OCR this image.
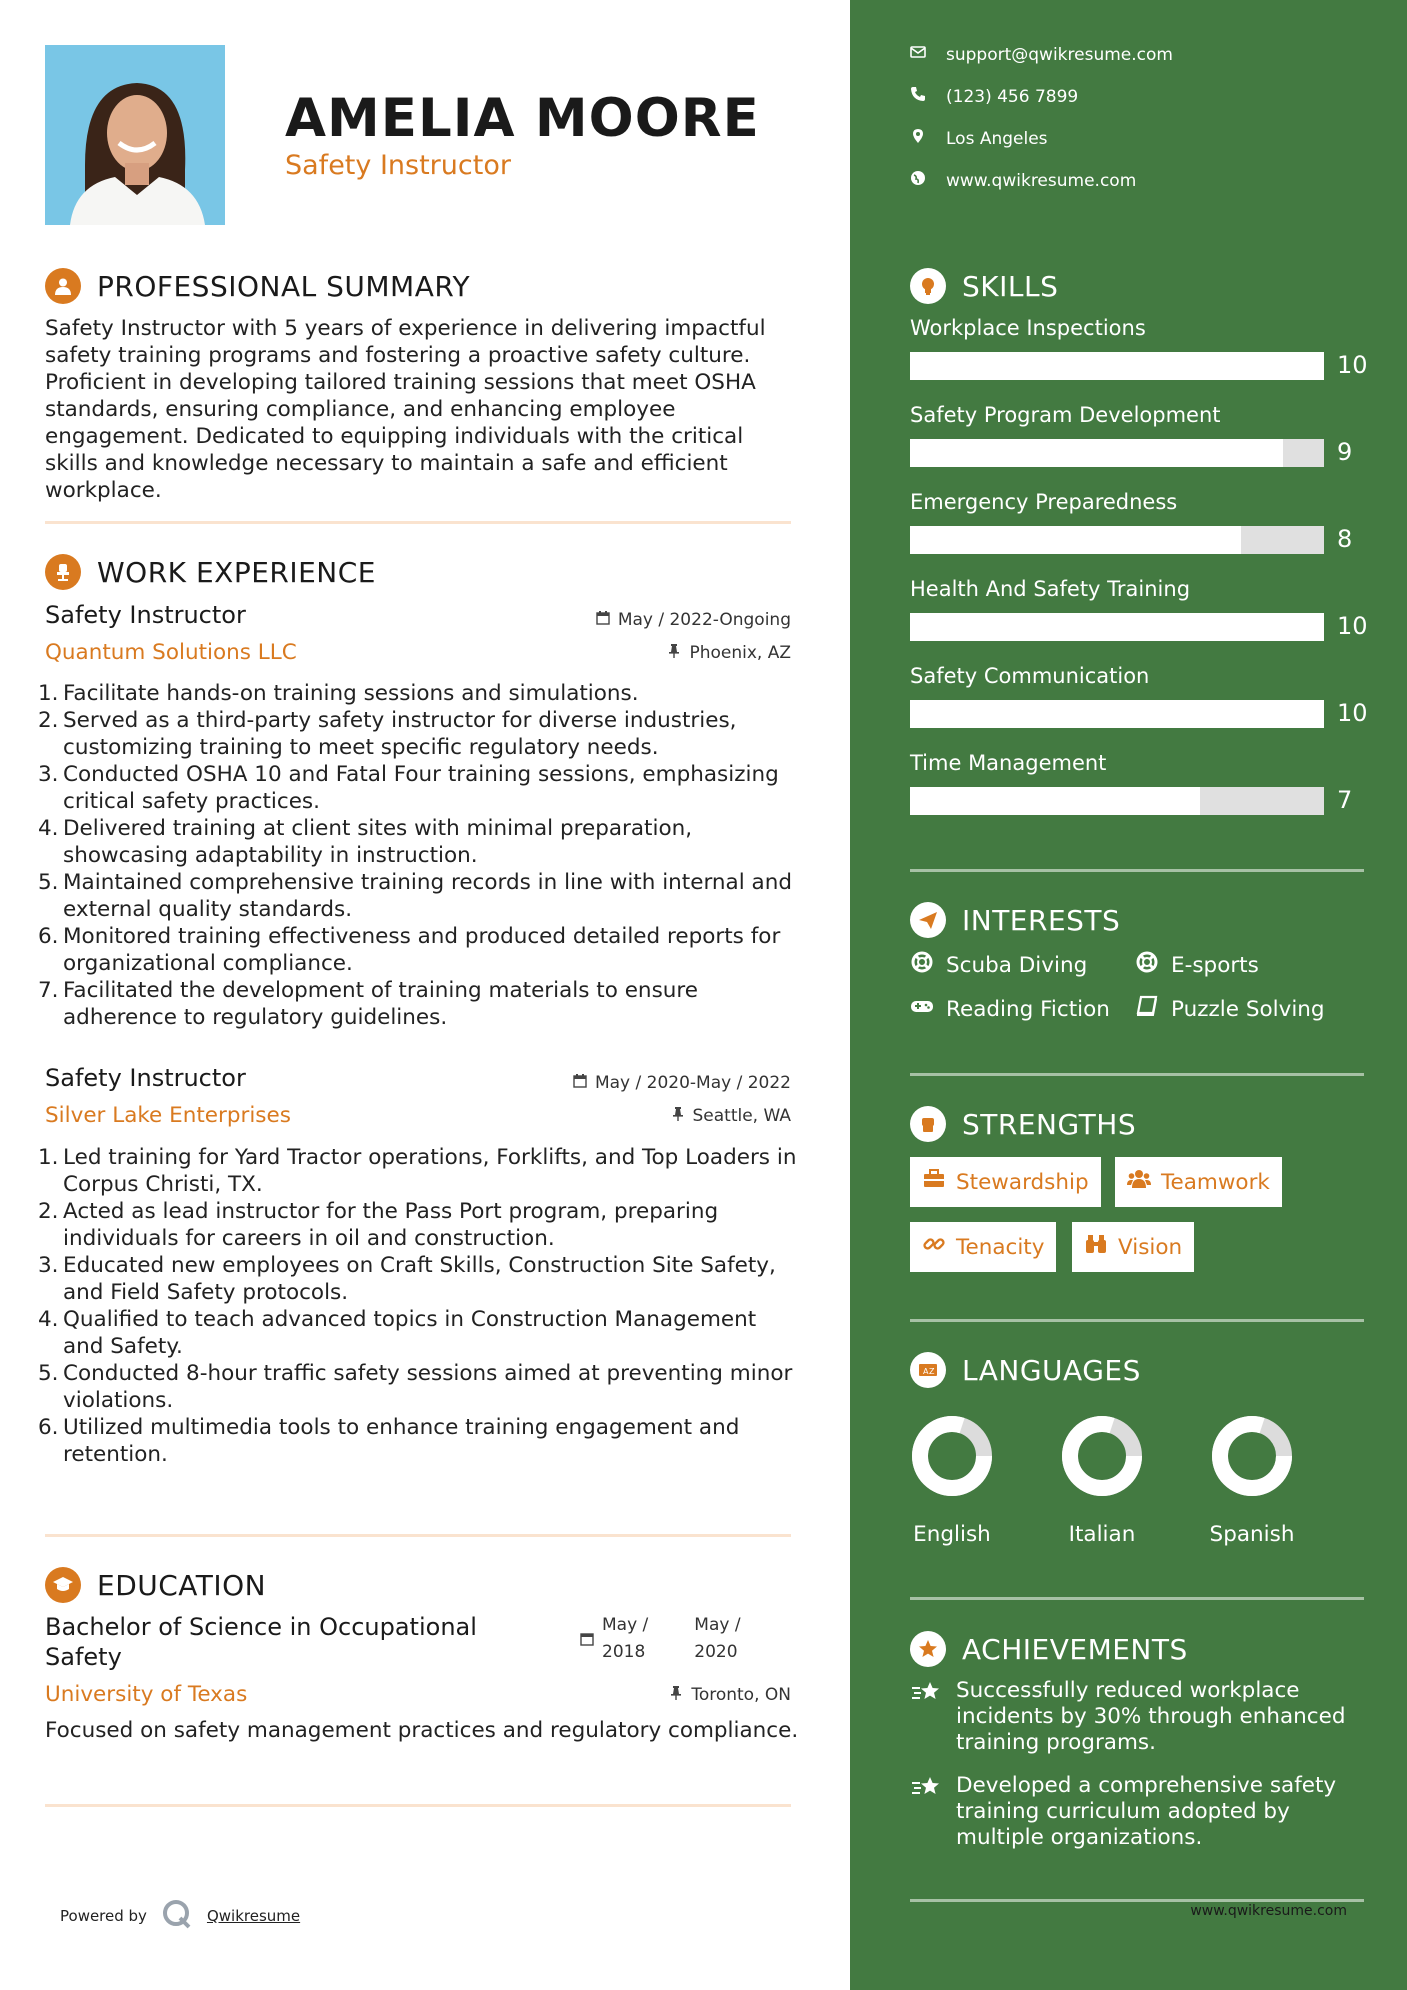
AMELIA MOORE
Safety Instructor
PROFESSIONAL SUMMARY
Safety Instructor with 5 years of experience in delivering impactful safety training programs and fostering a proactive safety culture. Proficient in developing tailored training sessions that meet OSHA standards, ensuring compliance, and enhancing employee engagement. Dedicated to equipping individuals with the critical skills and knowledge necessary to maintain a safe and efficient workplace.
WORK EXPERIENCE
Safety Instructor	May / 2022-Ongoing
Quantum Solutions LLC	Phoenix, AZ
1. Facilitate hands-on training sessions and simulations.
2. Served as a third-party safety instructor for diverse industries, customizing training to meet specific regulatory needs.
3. Conducted OSHA 10 and Fatal Four training sessions, emphasizing critical safety practices.
4. Delivered training at client sites with minimal preparation, showcasing adaptability in instruction.
5. Maintained comprehensive training records in line with internal and external quality standards.
6. Monitored training effectiveness and produced detailed reports for organizational compliance.
7. Facilitated the development of training materials to ensure adherence to regulatory guidelines.
Safety Instructor	May / 2020-May / 2022
Silver Lake Enterprises	Seattle, WA
1. Led training for Yard Tractor operations, Forklifts, and Top Loaders in Corpus Christi, TX.
2. Acted as lead instructor for the Pass Port program, preparing individuals for careers in oil and construction.
3. Educated new employees on Craft Skills, Construction Site Safety, and Field Safety protocols.
4. Qualified to teach advanced topics in Construction Management and Safety.
5. Conducted 8-hour traffic safety sessions aimed at preventing minor violations.
6. Utilized multimedia tools to enhance training engagement and retention.
EDUCATION
Bachelor of Science in Occupational Safety
May /
2018
May /
2020
University of Texas	Toronto, ON
Focused on safety management practices and regulatory compliance.
Powered by	Qwikresume
support@qwikresume.com
(123) 456 7899
Los Angeles
www.qwikresume.com
SKILLS
Workplace Inspections
10
Safety Program Development
9
Emergency Preparedness
8
Health And Safety Training
10
Safety Communication
10
Time Management
7
INTERESTS
Scuba Diving	E-sports
Reading Fiction	Puzzle Solving
STRENGTHS
Stewardship	Teamwork
Tenacity	Vision
A Z LANGUAGES
English	Italian	Spanish
ACHIEVEMENTS
Successfully reduced workplace incidents by 30% through enhanced training programs.
Developed a comprehensive safety training curriculum adopted by multiple organizations.
www.qwikresume.com
